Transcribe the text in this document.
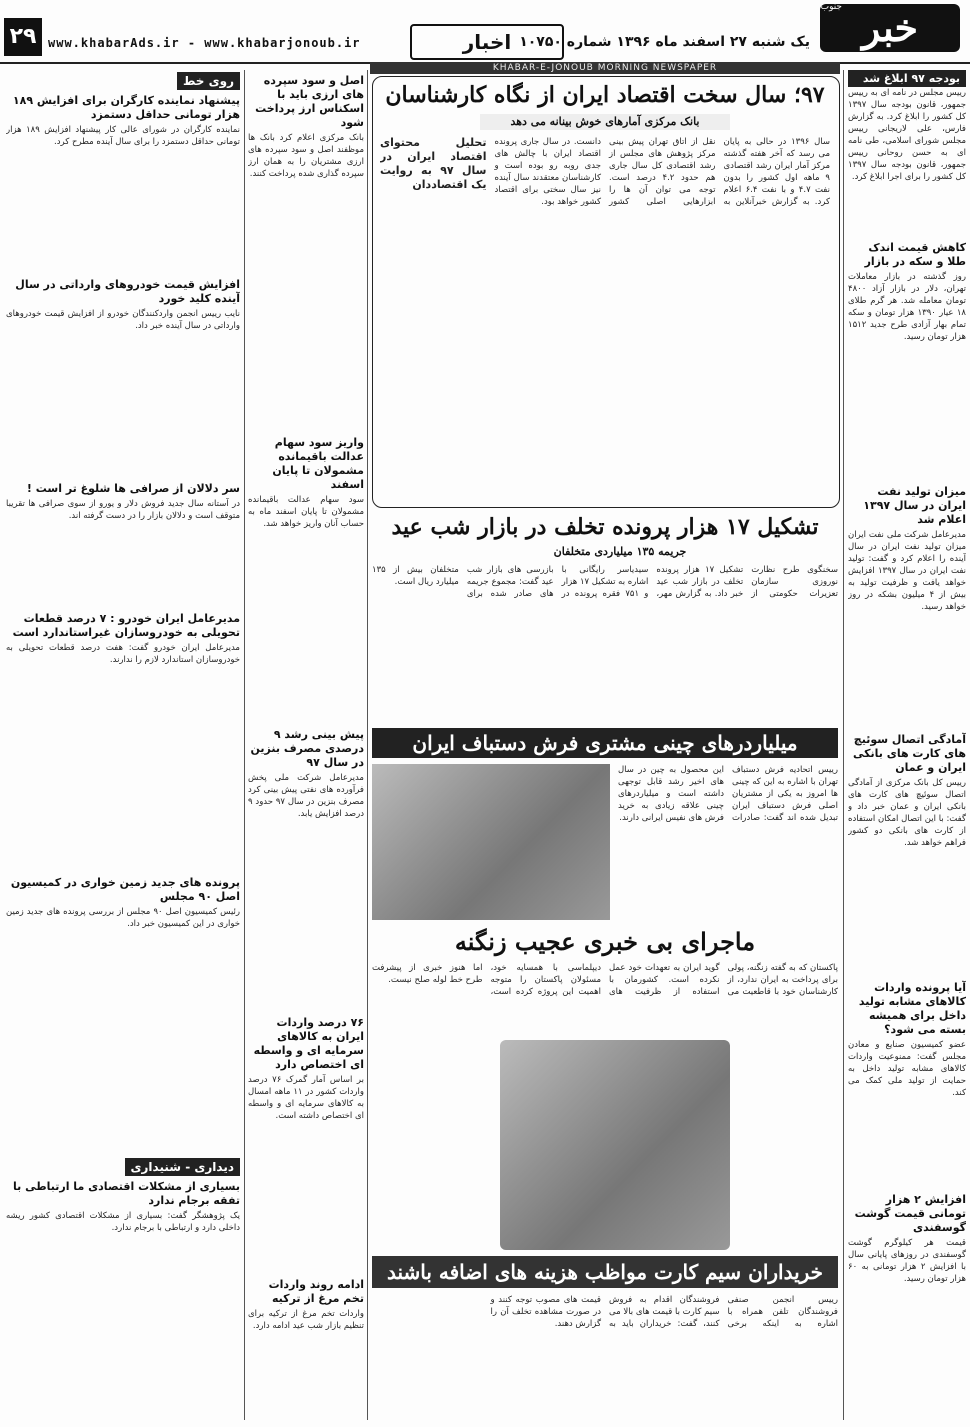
خبر
جنوب
یک شنبه ۲۷ اسفند ماه ۱۳۹۶ شماره ۱۰۷۵۰
اخبار
www.khabarAds.ir - www.khabarjonoub.ir
۲۹
KHABAR-E-JONOUB MORNING NEWSPAPER
بودجه ۹۷ ابلاغ شد
رییس مجلس در نامه ای به رییس جمهور، قانون بودجه سال ۱۳۹۷ کل کشور را ابلاغ کرد. به گزارش فارس، علی لاریجانی رییس مجلس شورای اسلامی، طی نامه ای به حسن روحانی رییس جمهور، قانون بودجه سال ۱۳۹۷ کل کشور را برای اجرا ابلاغ کرد.
کاهش قیمت اندک طلا و سکه در بازار
روز گذشته در بازار معاملات تهران، دلار در بازار آزاد ۴۸۰۰ تومان معامله شد. هر گرم طلای ۱۸ عیار ۱۳۹۰ هزار تومان و سکه تمام بهار آزادی طرح جدید ۱۵۱۲ هزار تومان رسید.
میزان تولید نفت ایران در سال ۱۳۹۷ اعلام شد
مدیرعامل شرکت ملی نفت ایران میزان تولید نفت ایران در سال آینده را اعلام کرد و گفت: تولید نفت ایران در سال ۱۳۹۷ افزایش خواهد یافت و ظرفیت تولید به بیش از ۴ میلیون بشکه در روز خواهد رسید.
آمادگی اتصال سوئیچ های کارت های بانکی ایران و عمان
رییس کل بانک مرکزی از آمادگی اتصال سوئیچ های کارت های بانکی ایران و عمان خبر داد و گفت: با این اتصال امکان استفاده از کارت های بانکی دو کشور فراهم خواهد شد.
آیا پرونده واردات کالاهای مشابه تولید داخل برای همیشه بسته می شود؟
عضو کمیسیون صنایع و معادن مجلس گفت: ممنوعیت واردات کالاهای مشابه تولید داخل به حمایت از تولید ملی کمک می کند.
افزایش ۲ هزار تومانی قیمت گوشت گوسفندی
قیمت هر کیلوگرم گوشت گوسفندی در روزهای پایانی سال با افزایش ۲ هزار تومانی به ۶۰ هزار تومان رسید.
۹۷؛ سال سخت اقتصاد ایران از نگاه کارشناسان
بانک مرکزی آمارهای خوش بینانه می دهد
سال ۱۳۹۶ در حالی به پایان می رسد که آخر هفته گذشته مرکز آمار ایران رشد اقتصادی ۹ ماهه اول کشور را بدون نفت ۴.۷ و با نفت ۶.۴ اعلام کرد. به گزارش خبرآنلاین به نقل از اتاق تهران پیش بینی مرکز پژوهش های مجلس از رشد اقتصادی کل سال جاری هم حدود ۴.۲ درصد است. توجه می توان آن ها را ابزارهایی اصلی کشور دانست. در سال جاری پرونده اقتصاد ایران با چالش های جدی روبه رو بوده است و کارشناسان معتقدند سال آینده نیز سال سختی برای اقتصاد کشور خواهد بود.
تحلیل محتوای اقتصاد ایران در سال ۹۷ به روایت یک اقتصاددان
تشکیل ۱۷ هزار پرونده تخلف در بازار شب عید
جریمه ۱۳۵ میلیاردی متخلفان
سخنگوی طرح نظارت نوروزی سازمان تعزیرات حکومتی از تشکیل ۱۷ هزار پرونده تخلف در بازار شب عید خبر داد. به گزارش مهر، سیدیاسر رایگانی با اشاره به تشکیل ۱۷ هزار و ۷۵۱ فقره پرونده در بازرسی های بازار شب عید گفت: مجموع جریمه های صادر شده برای متخلفان بیش از ۱۳۵ میلیارد ریال است.
میلیاردرهای چینی مشتری فرش دستباف ایران
رییس اتحادیه فرش دستباف تهران با اشاره به این که چینی ها امروز به یکی از مشتریان اصلی فرش دستباف ایران تبدیل شده اند گفت: صادرات این محصول به چین در سال های اخیر رشد قابل توجهی داشته است و میلیاردرهای چینی علاقه زیادی به خرید فرش های نفیس ایرانی دارند.
ماجرای بی خبری عجیب زنگنه
پاکستان که به گفته زنگنه، پولی برای پرداخت به ایران ندارد، از کارشناسان خود با قاطعیت می گوید ایران به تعهدات خود عمل نکرده است. کشورمان با استفاده از ظرفیت های دیپلماسی با همسایه خود، مسئولان پاکستان را متوجه اهمیت این پروژه کرده است، اما هنوز خبری از پیشرفت طرح خط لوله صلح نیست.
خریداران سیم کارت مواظب هزینه های اضافه باشند
رییس انجمن صنفی فروشندگان تلفن همراه با اشاره به اینکه برخی فروشندگان اقدام به فروش سیم کارت با قیمت های بالا می کنند، گفت: خریداران باید به قیمت های مصوب توجه کنند و در صورت مشاهده تخلف آن را گزارش دهند.
اصل و سود سپرده های ارزی باید با اسکناس ارز پرداخت شود
بانک مرکزی اعلام کرد بانک ها موظفند اصل و سود سپرده های ارزی مشتریان را به همان ارز سپرده گذاری شده پرداخت کنند.
واریز سود سهام عدالت باقیمانده مشمولان تا پایان اسفند
سود سهام عدالت باقیمانده مشمولان تا پایان اسفند ماه به حساب آنان واریز خواهد شد.
پیش بینی رشد ۹ درصدی مصرف بنزین در سال ۹۷
مدیرعامل شرکت ملی پخش فرآورده های نفتی پیش بینی کرد مصرف بنزین در سال ۹۷ حدود ۹ درصد افزایش یابد.
۷۶ درصد واردات ایران به کالاهای سرمایه ای و واسطه ای اختصاص دارد
بر اساس آمار گمرک ۷۶ درصد واردات کشور در ۱۱ ماهه امسال به کالاهای سرمایه ای و واسطه ای اختصاص داشته است.
ادامه روند واردات تخم مرغ از ترکیه
واردات تخم مرغ از ترکیه برای تنظیم بازار شب عید ادامه دارد.
روی خط
پیشنهاد نماینده کارگران برای افزایش ۱۸۹ هزار تومانی حداقل دستمزد
نماینده کارگران در شورای عالی کار پیشنهاد افزایش ۱۸۹ هزار تومانی حداقل دستمزد را برای سال آینده مطرح کرد.
افزایش قیمت خودروهای وارداتی در سال آینده کلید خورد
نایب رییس انجمن واردکنندگان خودرو از افزایش قیمت خودروهای وارداتی در سال آینده خبر داد.
سر دلالان از صرافی ها شلوغ تر است !
در آستانه سال جدید فروش دلار و یورو از سوی صرافی ها تقریبا متوقف است و دلالان بازار را در دست گرفته اند.
مدیرعامل ایران خودرو : ۷ درصد قطعات تحویلی به خودروسازان غیراستاندارد است
مدیرعامل ایران خودرو گفت: هفت درصد قطعات تحویلی به خودروسازان استاندارد لازم را ندارند.
پرونده های جدید زمین خواری در کمیسیون اصل ۹۰ مجلس
رئیس کمیسیون اصل ۹۰ مجلس از بررسی پرونده های جدید زمین خواری در این کمیسیون خبر داد.
دیداری - شنیداری
بسیاری از مشکلات اقتصادی ما ارتباطی با تفقه برجام ندارد
یک پژوهشگر گفت: بسیاری از مشکلات اقتصادی کشور ریشه داخلی دارد و ارتباطی با برجام ندارد.
